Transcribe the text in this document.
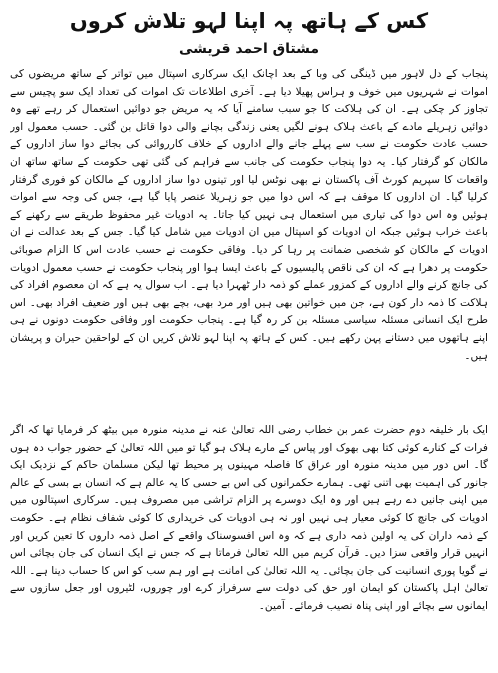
کس کے ہاتھ پہ اپنا لہو تلاش کروں
مشتاق احمد قریشی

پنجاب کے دل لاہور میں ڈینگی کی وبا کے بعد اچانک ایک سرکاری اسپتال میں تواتر کے ساتھ مریضوں کی اموات نے شہریوں میں خوف و ہراس پھیلا دیا ہے۔ آخری اطلاعات تک اموات کی تعداد ایک سو پچیس سے تجاوز کر چکی ہے۔ ان کی ہلاکت کا جو سبب سامنے آیا کہ یہ مریض جو دوائیں استعمال کر رہے تھے وہ دوائیں زہریلے مادے کے باعث ہلاک ہونے لگیں یعنی زندگی بچانے والی دوا قاتل بن گئی۔ حسب معمول اور حسب عادت حکومت نے سب سے پہلے جانے والے اداروں کے خلاف کارروائی کی بجائے دوا ساز اداروں کے مالکان کو گرفتار کیا۔ یہ دوا پنجاب حکومت کی جانب سے فراہم کی گئی تھی حکومت کے ساتھ ساتھ ان واقعات کا سپریم کورٹ آف پاکستان نے بھی نوٹس لیا اور تینوں دوا ساز اداروں کے مالکان کو فوری گرفتار کرلیا گیا۔ ان اداروں کا موقف ہے کہ اس دوا میں جو زہریلا عنصر پایا گیا ہے، جس کی وجہ سے اموات ہوئیں وہ اس دوا کی تیاری میں استعمال ہی نہیں کیا جاتا۔ یہ ادویات غیر محفوظ طریقے سے رکھنے کے باعث خراب ہوئیں جبکہ ان ادویات کو اسپتال میں ان ادویات میں شامل کیا گیا۔ جس کے بعد عدالت نے ان ادویات کے مالکان کو شخصی ضمانت پر رہا کر دیا۔ وفاقی حکومت نے حسب عادت اس کا الزام صوبائی حکومت پر دھرا ہے کہ ان کی ناقص پالیسیوں کے باعث ایسا ہوا اور پنجاب حکومت نے حسب معمول ادویات کی جانچ کرنے والے اداروں کے کمزور عملے کو ذمہ دار ٹھہرا دیا ہے۔ اب سوال یہ ہے کہ ان معصوم افراد کی ہلاکت کا ذمہ دار کون ہے، جن میں خواتین بھی ہیں اور مرد بھی، بچے بھی ہیں اور ضعیف افراد بھی۔ اس طرح ایک انسانی مسئلہ سیاسی مسئلہ بن کر رہ گیا ہے۔ پنجاب حکومت اور وفاقی حکومت دونوں نے ہی اپنے ہاتھوں میں دستانے پہن رکھے ہیں۔ کس کے ہاتھ پہ اپنا لہو تلاش کریں ان کے لواحقین حیران و پریشان ہیں۔

ایک بار خلیفہ دوم حضرت عمر بن خطاب رضی اللہ تعالیٰ عنہ نے مدینہ منورہ میں بیٹھ کر فرمایا تھا کہ اگر فرات کے کنارے کوئی کتا بھی بھوک اور پیاس کے مارے ہلاک ہو گیا تو میں اللہ تعالیٰ کے حضور جواب دہ ہوں گا۔ اس دور میں مدینہ منورہ اور عراق کا فاصلہ مہینوں پر محیط تھا لیکن مسلمان حاکم کے نزدیک ایک جانور کی اہمیت بھی اتنی تھی۔ ہمارے حکمرانوں کی اس بے حسی کا یہ عالم ہے کہ انسان بے بسی کے عالم میں اپنی جانیں دے رہے ہیں اور وہ ایک دوسرے پر الزام تراشی میں مصروف ہیں۔ سرکاری اسپتالوں میں ادویات کی جانچ کا کوئی معیار ہی نہیں اور نہ ہی ادویات کی خریداری کا کوئی شفاف نظام ہے۔ حکومت کے ذمہ داران کی یہ اولین ذمہ داری ہے کہ وہ اس افسوسناک واقعے کے اصل ذمہ داروں کا تعین کریں اور انہیں قرار واقعی سزا دیں۔ قرآن کریم میں اللہ تعالیٰ فرماتا ہے کہ جس نے ایک انسان کی جان بچائی اس نے گویا پوری انسانیت کی جان بچائی۔ یہ اللہ تعالیٰ کی امانت ہے اور ہم سب کو اس کا حساب دینا ہے۔ اللہ تعالیٰ اہل پاکستان کو ایمان اور حق کی دولت سے سرفراز کرے اور چوروں، لٹیروں اور جعل سازوں سے ایمانوں سے بچائے اور اپنی پناہ نصیب فرمائے۔ آمین۔
